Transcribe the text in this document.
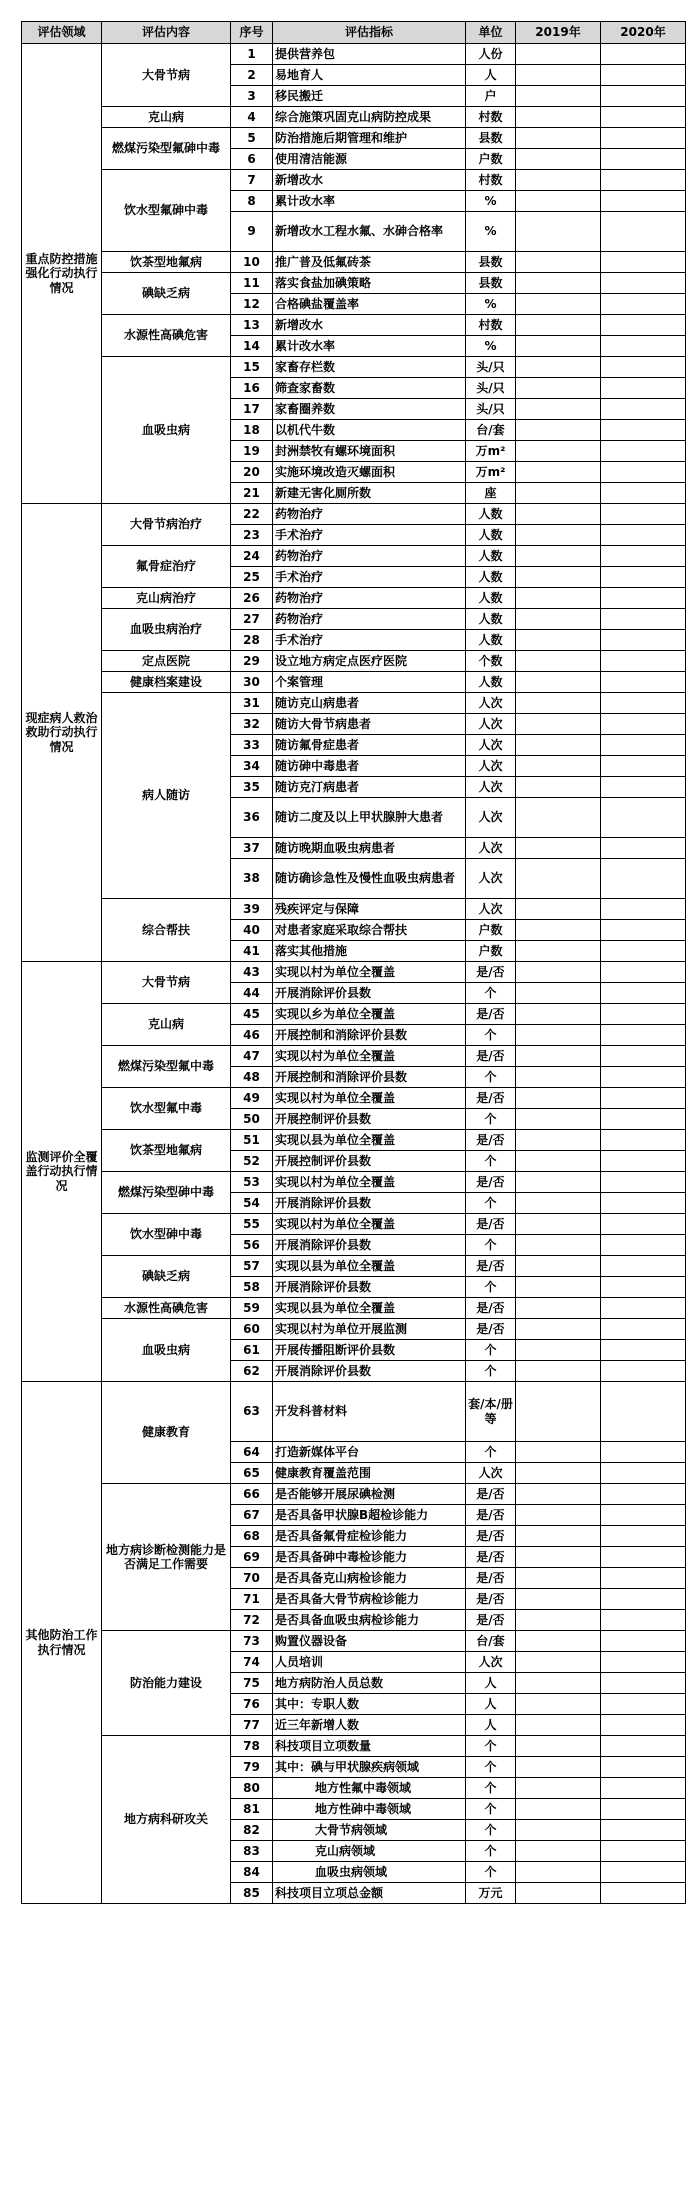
评估领域	评估内容	序号	评估指标	单位	2019年	2020年
重点防控措施强化行动执行情况	大骨节病	1	提供营养包	人份		
		2	易地育人	人		
		3	移民搬迁	户		
	克山病	4	综合施策巩固克山病防控成果	村数		
	燃煤污染型氟砷中毒	5	防治措施后期管理和维护	县数		
		6	使用清洁能源	户数		
	饮水型氟砷中毒	7	新增改水	村数		
		8	累计改水率	%		
		9	新增改水工程水氟、水砷合格率	%		
	饮茶型地氟病	10	推广普及低氟砖茶	县数		
	碘缺乏病	11	落实食盐加碘策略	县数		
		12	合格碘盐覆盖率	%		
	水源性高碘危害	13	新增改水	村数		
		14	累计改水率	%		
	血吸虫病	15	家畜存栏数	头/只		
		16	筛查家畜数	头/只		
		17	家畜圈养数	头/只		
		18	以机代牛数	台/套		
		19	封洲禁牧有螺环境面积	万m²		
		20	实施环境改造灭螺面积	万m²		
		21	新建无害化厕所数	座		
现症病人救治救助行动执行情况	大骨节病治疗	22	药物治疗	人数		
		23	手术治疗	人数		
	氟骨症治疗	24	药物治疗	人数		
		25	手术治疗	人数		
	克山病治疗	26	药物治疗	人数		
	血吸虫病治疗	27	药物治疗	人数		
		28	手术治疗	人数		
	定点医院	29	设立地方病定点医疗医院	个数		
	健康档案建设	30	个案管理	人数		
	病人随访	31	随访克山病患者	人次		
		32	随访大骨节病患者	人次		
		33	随访氟骨症患者	人次		
		34	随访砷中毒患者	人次		
		35	随访克汀病患者	人次		
		36	随访二度及以上甲状腺肿大患者	人次		
		37	随访晚期血吸虫病患者	人次		
		38	随访确诊急性及慢性血吸虫病患者	人次		
	综合帮扶	39	残疾评定与保障	人次		
		40	对患者家庭采取综合帮扶	户数		
		41	落实其他措施	户数		
监测评价全覆盖行动执行情况	大骨节病	43	实现以村为单位全覆盖	是/否		
		44	开展消除评价县数	个		
	克山病	45	实现以乡为单位全覆盖	是/否		
		46	开展控制和消除评价县数	个		
	燃煤污染型氟中毒	47	实现以村为单位全覆盖	是/否		
		48	开展控制和消除评价县数	个		
	饮水型氟中毒	49	实现以村为单位全覆盖	是/否		
		50	开展控制评价县数	个		
	饮茶型地氟病	51	实现以县为单位全覆盖	是/否		
		52	开展控制评价县数	个		
	燃煤污染型砷中毒	53	实现以村为单位全覆盖	是/否		
		54	开展消除评价县数	个		
	饮水型砷中毒	55	实现以村为单位全覆盖	是/否		
		56	开展消除评价县数	个		
	碘缺乏病	57	实现以县为单位全覆盖	是/否		
		58	开展消除评价县数	个		
	水源性高碘危害	59	实现以县为单位全覆盖	是/否		
	血吸虫病	60	实现以村为单位开展监测	是/否		
		61	开展传播阻断评价县数	个		
		62	开展消除评价县数	个		
其他防治工作执行情况	健康教育	63	开发科普材料	套/本/册等		
		64	打造新媒体平台	个		
		65	健康教育覆盖范围	人次		
	地方病诊断检测能力是否满足工作需要	66	是否能够开展尿碘检测	是/否		
		67	是否具备甲状腺B超检诊能力	是/否		
		68	是否具备氟骨症检诊能力	是/否		
		69	是否具备砷中毒检诊能力	是/否		
		70	是否具备克山病检诊能力	是/否		
		71	是否具备大骨节病检诊能力	是/否		
		72	是否具备血吸虫病检诊能力	是/否		
	防治能力建设	73	购置仪器设备	台/套		
		74	人员培训	人次		
		75	地方病防治人员总数	人		
		76	其中：专职人数	人		
		77	近三年新增人数	人		
	地方病科研攻关	78	科技项目立项数量	个		
		79	其中：碘与甲状腺疾病领域	个		
		80	地方性氟中毒领域	个		
		81	地方性砷中毒领域	个		
		82	大骨节病领域	个		
		83	克山病领域	个		
		84	血吸虫病领域	个		
		85	科技项目立项总金额	万元		
